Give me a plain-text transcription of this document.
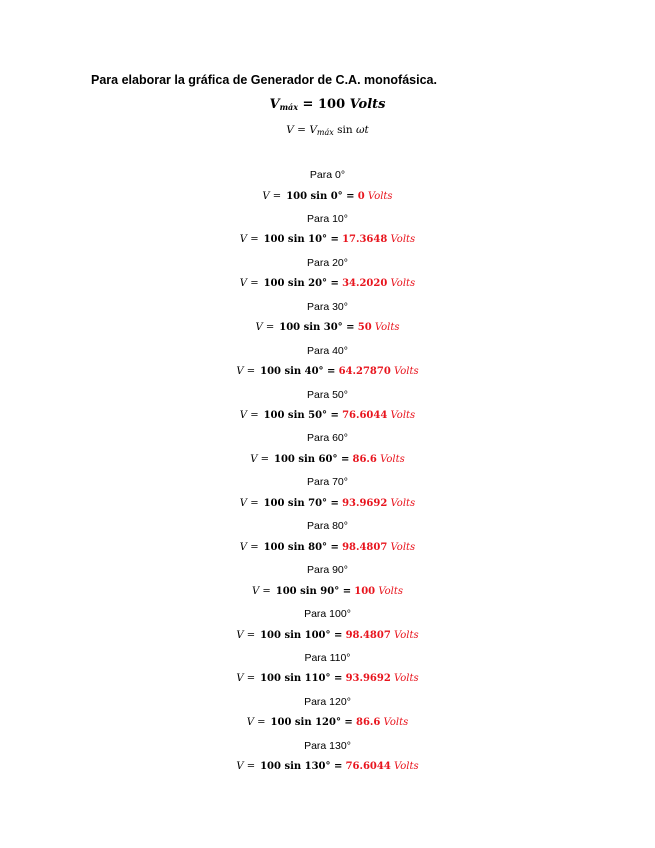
Para elaborar la gráfica de Generador de C.A. monofásica.
$V_{máx} = 100$ Volts
$V = V_{máx}$ sin ωt
Para 0°
V =  100 sin 0° = 0 Volts
Para 10°
V =  100 sin 10° = 17.3648 Volts
Para 20°
V =  100 sin 20° = 34.2020 Volts
Para 30°
V =  100 sin 30° = 50 Volts
Para 40°
V =  100 sin 40° = 64.27870 Volts
Para 50°
V =  100 sin 50° = 76.6044 Volts
Para 60°
V =  100 sin 60° = 86.6 Volts
Para 70°
V =  100 sin 70° = 93.9692 Volts
Para 80°
V =  100 sin 80° = 98.4807 Volts
Para 90°
V =  100 sin 90° = 100 Volts
Para 100°
V =  100 sin 100° = 98.4807 Volts
Para 110°
V =  100 sin 110° = 93.9692 Volts
Para 120°
V =  100 sin 120° = 86.6 Volts
Para 130°
V =  100 sin 130° = 76.6044 Volts
